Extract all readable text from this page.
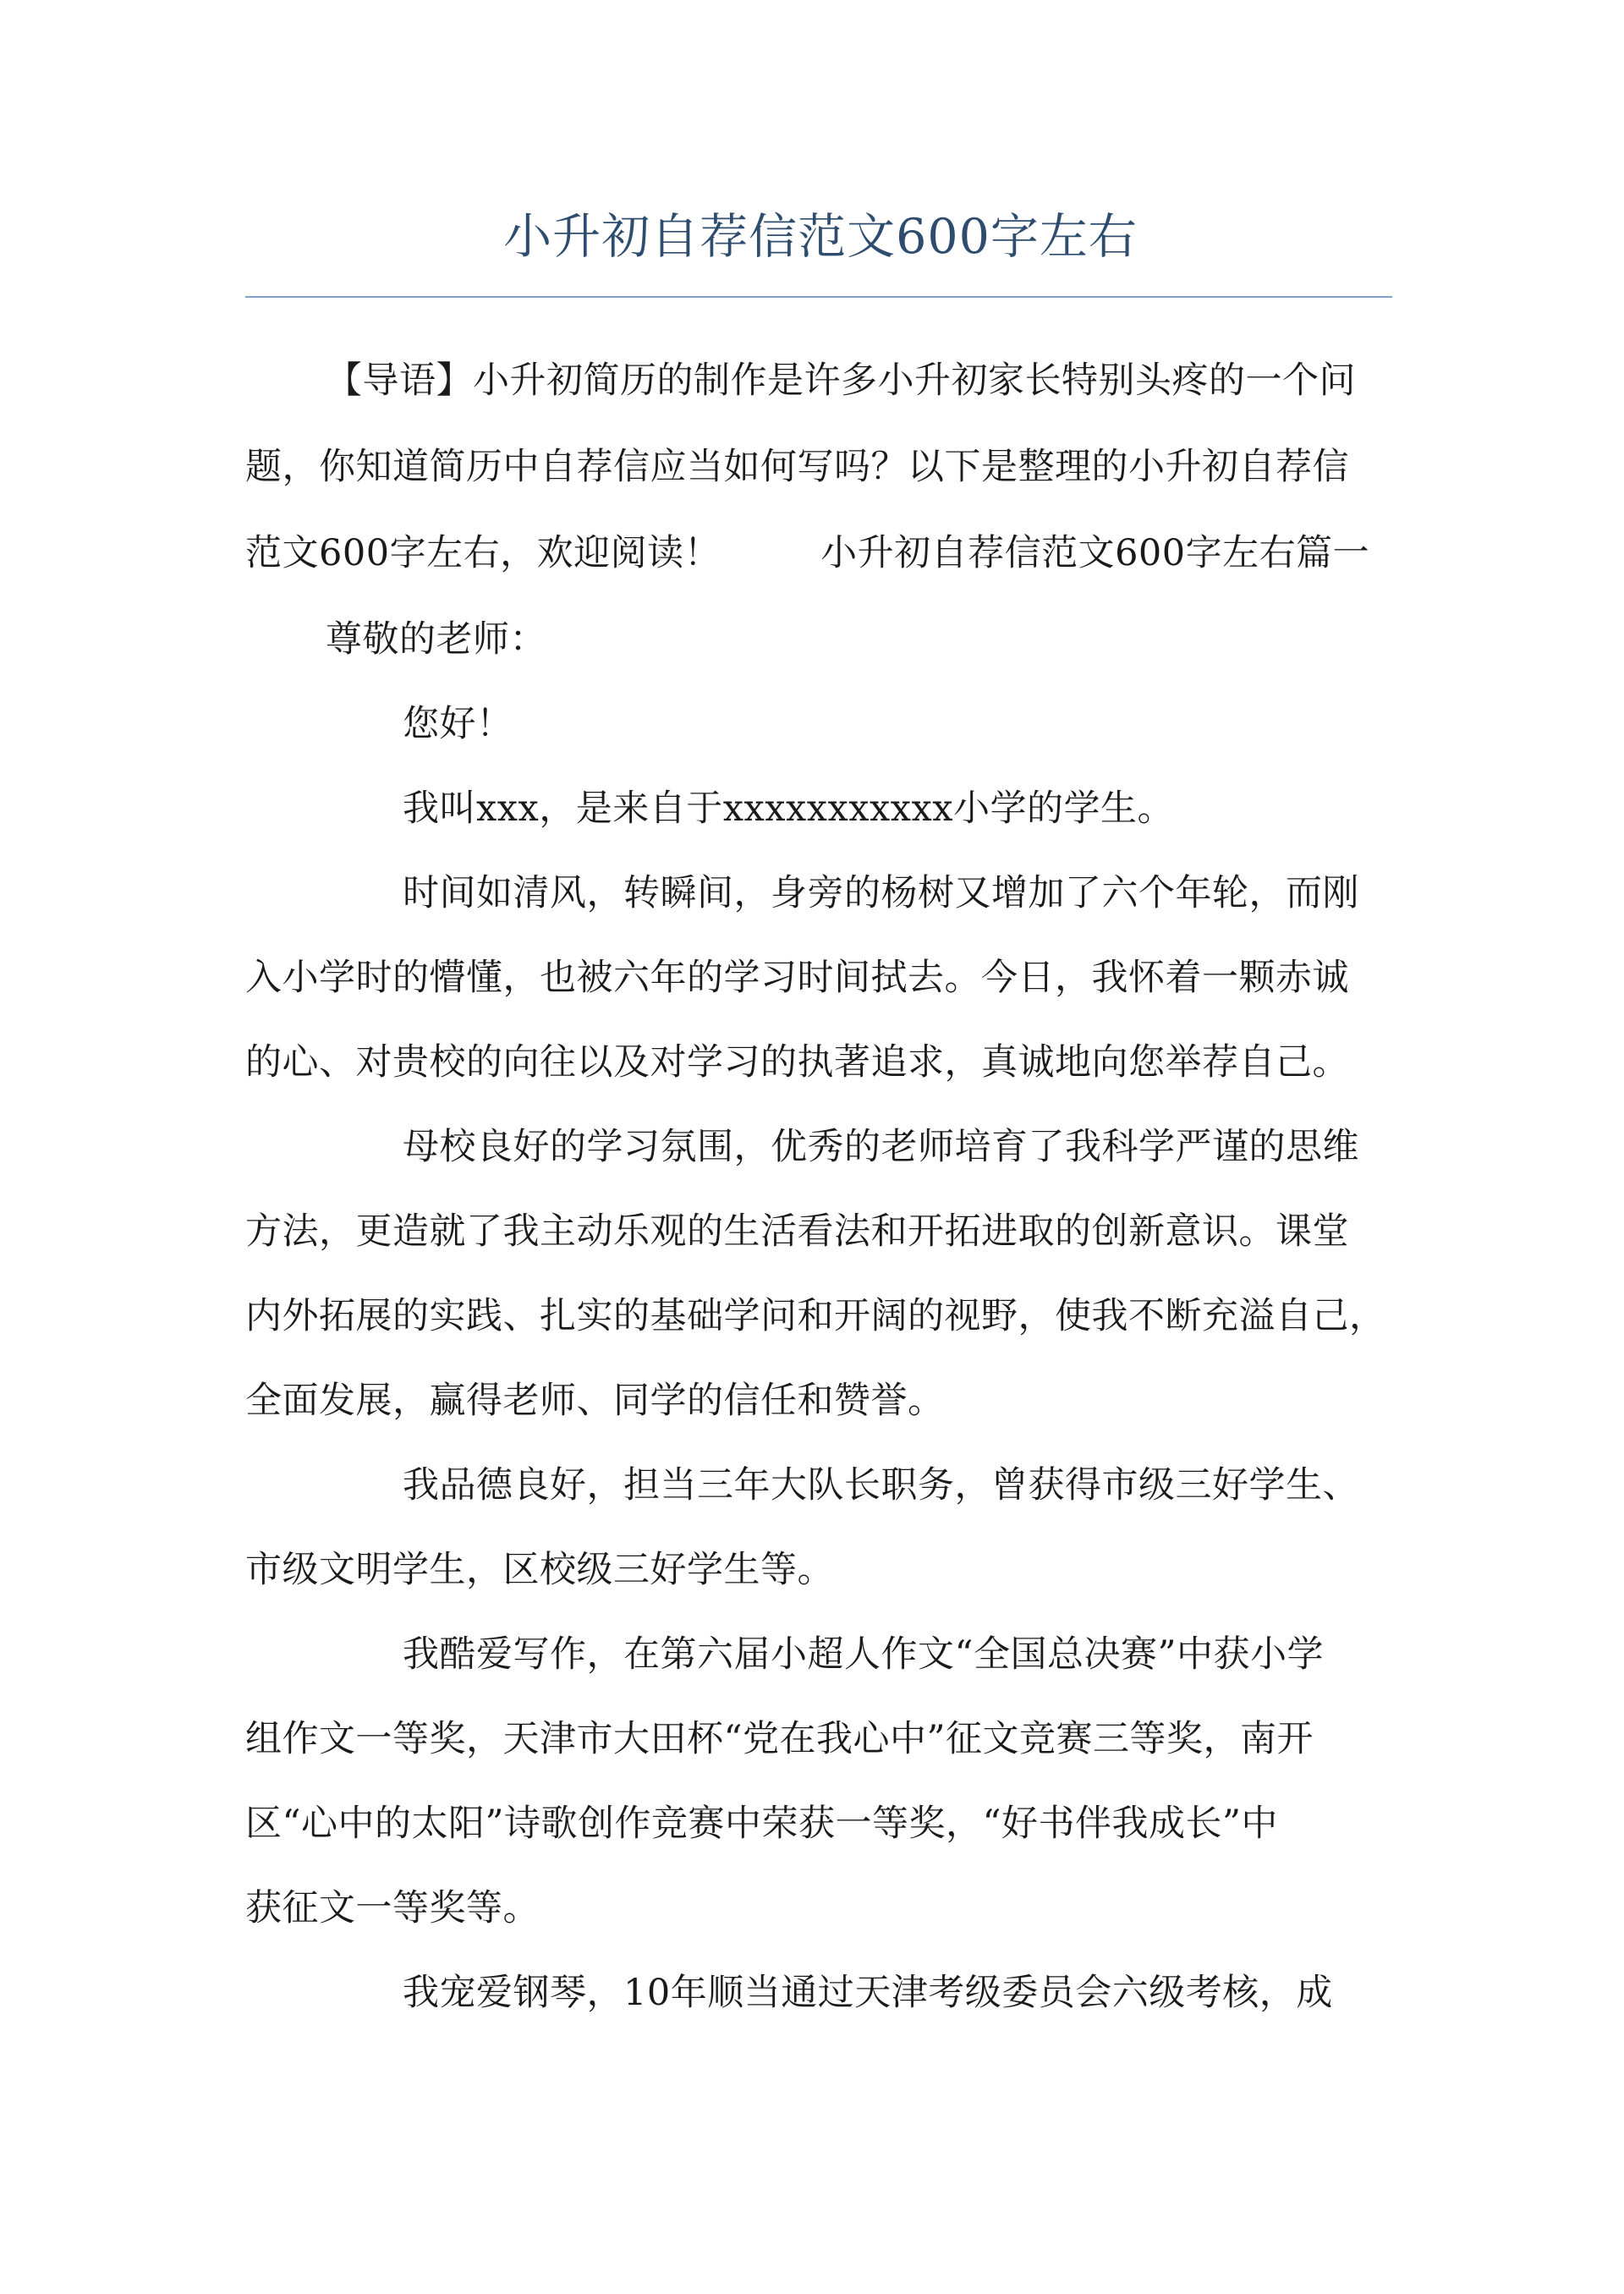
小升初自荐信范文600字左右
【导语】小升初简历的制作是许多小升初家长特别头疼的一个问
题，你知道简历中自荐信应当如何写吗？以下是整理的小升初自荐信
范文600字左右，欢迎阅读！	小升初自荐信范文600字左右篇一
尊敬的老师：
您好！
我叫xxx，是来自于xxxxxxxxxxx小学的学生。
时间如清风，转瞬间，身旁的杨树又增加了六个年轮，而刚
入小学时的懵懂，也被六年的学习时间拭去。今日，我怀着一颗赤诚
的心、对贵校的向往以及对学习的执著追求，真诚地向您举荐自己。
母校良好的学习氛围，优秀的老师培育了我科学严谨的思维
方法，更造就了我主动乐观的生活看法和开拓进取的创新意识。课堂
内外拓展的实践、扎实的基础学问和开阔的视野，使我不断充溢自己，
全面发展，赢得老师、同学的信任和赞誉。
我品德良好，担当三年大队长职务，曾获得市级三好学生、
市级文明学生，区校级三好学生等。
我酷爱写作，在第六届小超人作文“全国总决赛”中获小学
组作文一等奖，天津市大田杯“党在我心中”征文竞赛三等奖，南开
区“心中的太阳”诗歌创作竞赛中荣获一等奖，“好书伴我成长”中
获征文一等奖等。
我宠爱钢琴，10年顺当通过天津考级委员会六级考核，成
